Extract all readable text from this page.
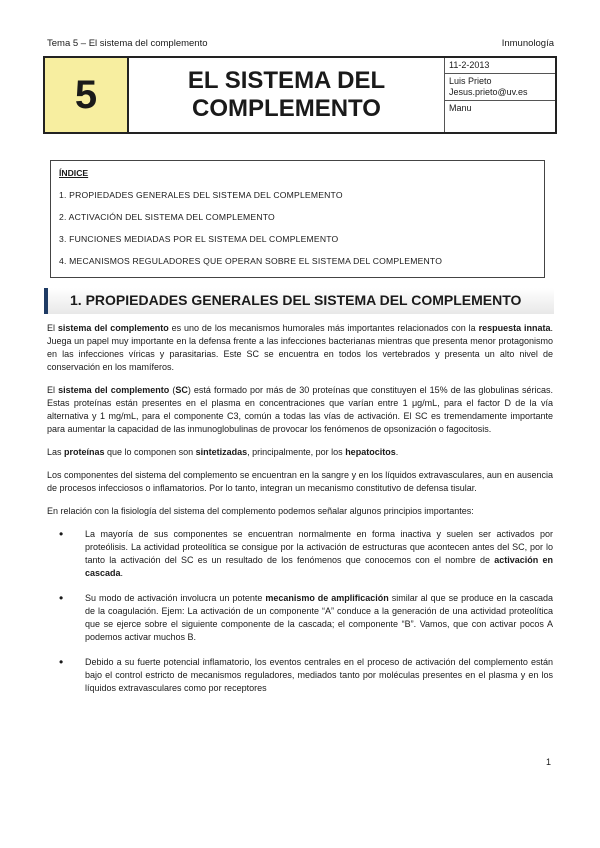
Tema 5 – El sistema del complemento	Inmunología
5	EL SISTEMA DEL
COMPLEMENTO
11-2-2013
Luis Prieto
Jesus.prieto@uv.es
Manu
ÍNDICE
1. PROPIEDADES GENERALES DEL SISTEMA DEL COMPLEMENTO
2. ACTIVACIÓN DEL SISTEMA DEL COMPLEMENTO
3. FUNCIONES MEDIADAS POR EL SISTEMA DEL COMPLEMENTO
4. MECANISMOS REGULADORES QUE OPERAN SOBRE EL SISTEMA DEL COMPLEMENTO
1. PROPIEDADES GENERALES DEL SISTEMA DEL COMPLEMENTO

El sistema del complemento es uno de los mecanismos humorales más importantes relacionados con la respuesta innata. Juega un papel muy importante en la defensa frente a las infecciones bacterianas mientras que presenta menor protagonismo en las infecciones víricas y parasitarias. Este SC se encuentra en todos los vertebrados y presenta un alto nivel de conservación en los mamíferos.

El sistema del complemento (SC) está formado por más de 30 proteínas que constituyen el 15% de las globulinas séricas. Estas proteínas están presentes en el plasma en concentraciones que varían entre 1 μg/mL, para el factor D de la vía alternativa y 1 mg/mL, para el componente C3, común a todas las vías de activación. El SC es tremendamente importante para aumentar la capacidad de las inmunoglobulinas de provocar los fenómenos de opsonización o fagocitosis.

Las proteínas que lo componen son sintetizadas, principalmente, por los hepatocitos.

Los componentes del sistema del complemento se encuentran en la sangre y en los líquidos extravasculares, aun en ausencia de procesos infecciosos o inflamatorios. Por lo tanto, integran un mecanismo constitutivo de defensa tisular.

En relación con la fisiología del sistema del complemento podemos señalar algunos principios importantes:

• La mayoría de sus componentes se encuentran normalmente en forma inactiva y suelen ser activados por proteólisis. La actividad proteolítica se consigue por la activación de estructuras que acontecen antes del SC, por lo tanto la activación del SC es un resultado de los fenómenos que conocemos con el nombre de activación en cascada.
• Su modo de activación involucra un potente mecanismo de amplificación similar al que se produce en la cascada de la coagulación. Ejem: La activación de un componente “A” conduce a la generación de una actividad proteolítica que se ejerce sobre el siguiente componente de la cascada; el componente “B”. Vamos, que con activar pocos A podemos activar muchos B.
• Debido a su fuerte potencial inflamatorio, los eventos centrales en el proceso de activación del complemento están bajo el control estricto de mecanismos reguladores, mediados tanto por moléculas presentes en el plasma y en los líquidos extravasculares como por receptores
1
